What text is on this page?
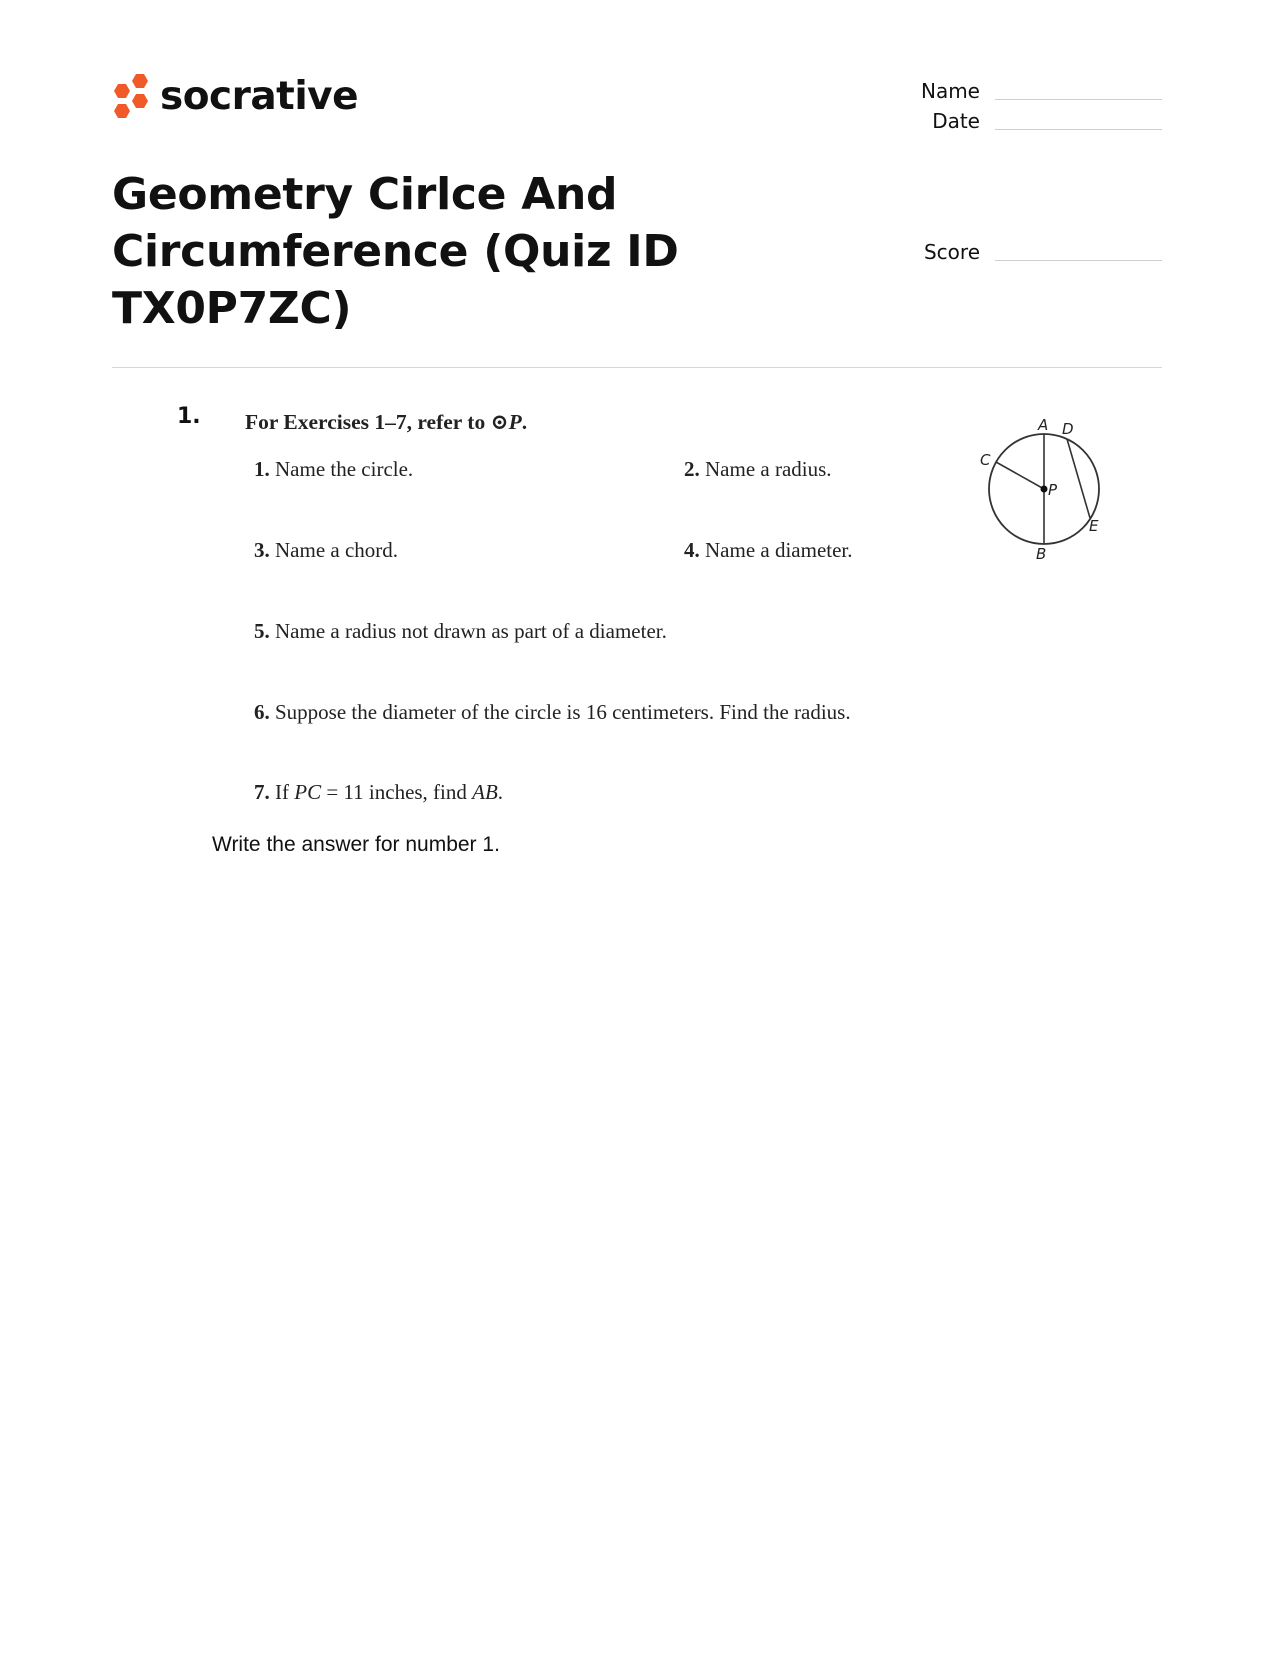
socrative	Name
Date
Score
Geometry Cirlce And Circumference (Quiz ID TX0P7ZC)
1. For Exercises 1–7, refer to ⊙P.
1. Name the circle.	2. Name a radius.
3. Name a chord.	4. Name a diameter.
5. Name a radius not drawn as part of a diameter.
6. Suppose the diameter of the circle is 16 centimeters. Find the radius.
7. If PC = 11 inches, find AB.
A D
C
P
E
B
Write the answer for number 1.
